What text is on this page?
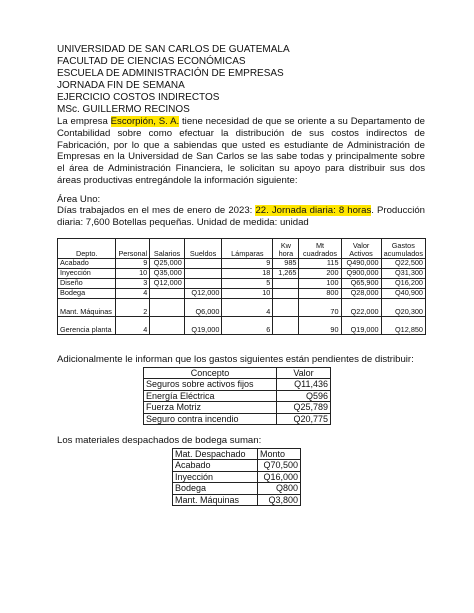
UNIVERSIDAD DE SAN CARLOS DE GUATEMALA
FACULTAD DE CIENCIAS ECONÓMICAS
ESCUELA DE ADMINISTRACIÓN DE EMPRESAS
JORNADA FIN DE SEMANA
EJERCICIO COSTOS INDIRECTOS
MSc. GUILLERMO RECINOS
La empresa Escorpión, S. A. tiene necesidad de que se oriente a su Departamento de Contabilidad sobre como efectuar la distribución de sus costos indirectos de Fabricación, por lo que a sabiendas que usted es estudiante de Administración de Empresas en la Universidad de San Carlos se las sabe todas y principalmente sobre el área de Administración Financiera, le solicitan su apoyo para distribuir sus dos áreas productivas entregándole la información siguiente:
Área Uno:
Días trabajados en el mes de enero de 2023: 22. Jornada diaria: 8 horas. Producción diaria: 7,600 Botellas pequeñas. Unidad de medida: unidad
Depto.	Personal	Salarios	Sueldos	Lámparas	Kw hora	Mt cuadrados	Valor Activos	Gastos acumulados
Acabado	9	Q25,000		9	985	115	Q490,000	Q22,500
Inyección	10	Q35,000		18	1,265	200	Q900,000	Q31,300
Diseño	3	Q12,000		5		100	Q65,900	Q16,200
Bodega	4		Q12,000	10		800	Q28,000	Q40,900
Mant. Máquinas	2		Q6,000	4		70	Q22,000	Q20,300
Gerencia planta	4		Q19,000	6		90	Q19,000	Q12,850
Adicionalmente le informan que los gastos siguientes están pendientes de distribuir:
Concepto	Valor
Seguros sobre activos fijos	Q11,436
Energía Eléctrica	Q596
Fuerza Motriz	Q25,789
Seguro contra incendio	Q20,775
Los materiales despachados de bodega suman:
Mat. Despachado	Monto
Acabado	Q70,500
Inyección	Q16,000
Bodega	Q800
Mant. Máquinas	Q3,800
